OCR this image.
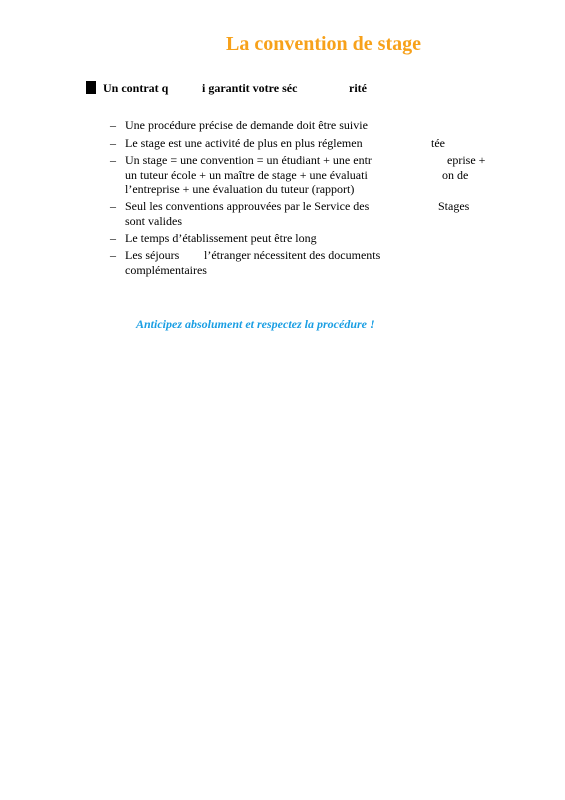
La convention de stage
Un contrat q	i garantit votre séc	rité
– Une procédure précise de demande doit être suivie
– Le stage est une activité de plus en plus réglemen	tée
– Un stage = une convention = un étudiant + une entr	eprise +
un tuteur école + un maître de stage + une évaluati	on de
l’entreprise + une évaluation du tuteur (rapport)
– Seul les conventions approuvées par le Service des	Stages
sont valides
– Le temps d’établissement peut être long
– Les séjours l’étranger nécessitent des documents
complémentaires
Anticipez absolument et respectez la procédure !
